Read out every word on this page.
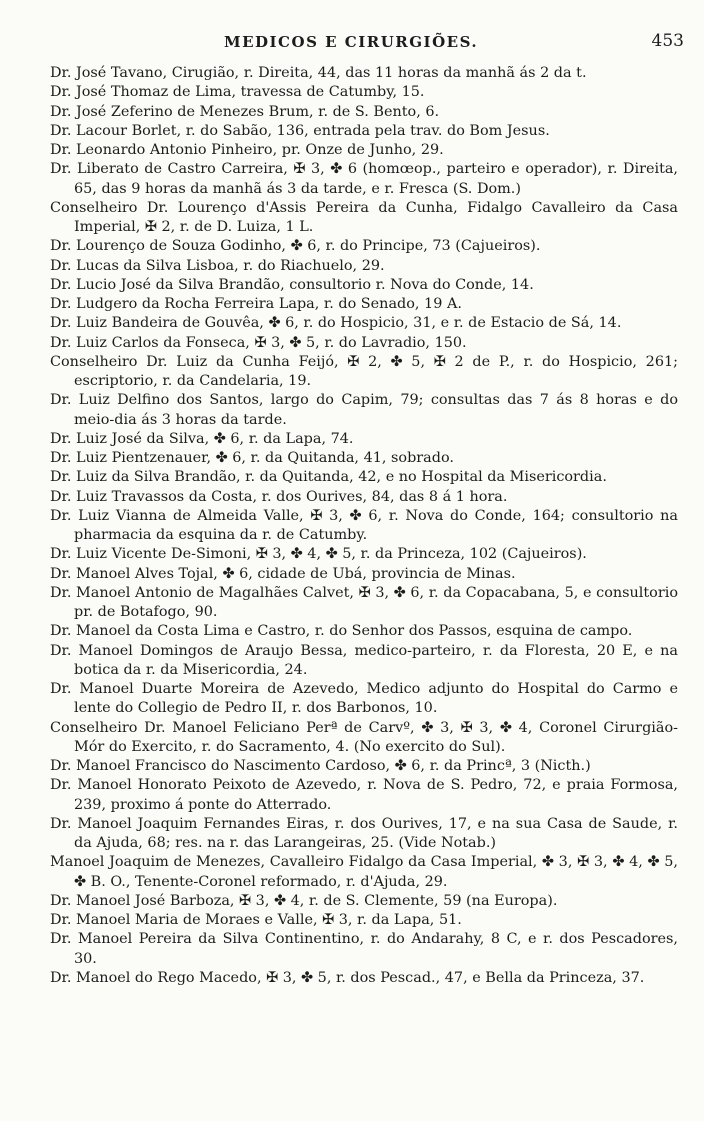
MEDICOS E CIRURGIÕES.	453

Dr. José Tavano, Cirugião, r. Direita, 44, das 11 horas da manhã ás 2 da t.

Dr. José Thomaz de Lima, travessa de Catumby, 15.

Dr. José Zeferino de Menezes Brum, r. de S. Bento, 6.

Dr. Lacour Borlet, r. do Sabão, 136, entrada pela trav. do Bom Jesus.

Dr. Leonardo Antonio Pinheiro, pr. Onze de Junho, 29.

Dr. Liberato de Castro Carreira, ✠ 3, ✤ 6 (homœop., parteiro e operador), r. Direita, 65, das 9 horas da manhã ás 3 da tarde, e r. Fresca (S. Dom.)

Conselheiro Dr. Lourenço d'Assis Pereira da Cunha, Fidalgo Cavalleiro da Casa Imperial, ✠ 2, r. de D. Luiza, 1 L.

Dr. Lourenço de Souza Godinho, ✤ 6, r. do Principe, 73 (Cajueiros).

Dr. Lucas da Silva Lisboa, r. do Riachuelo, 29.

Dr. Lucio José da Silva Brandão, consultorio r. Nova do Conde, 14.

Dr. Ludgero da Rocha Ferreira Lapa, r. do Senado, 19 A.

Dr. Luiz Bandeira de Gouvêa, ✤ 6, r. do Hospicio, 31, e r. de Estacio de Sá, 14.

Dr. Luiz Carlos da Fonseca, ✠ 3, ✤ 5, r. do Lavradio, 150.

Conselheiro Dr. Luiz da Cunha Feijó, ✠ 2, ✤ 5, ✠ 2 de P., r. do Hospicio, 261; escriptorio, r. da Candelaria, 19.

Dr. Luiz Delfino dos Santos, largo do Capim, 79; consultas das 7 ás 8 horas e do meio-dia ás 3 horas da tarde.

Dr. Luiz José da Silva, ✤ 6, r. da Lapa, 74.

Dr. Luiz Pientzenauer, ✤ 6, r. da Quitanda, 41, sobrado.

Dr. Luiz da Silva Brandão, r. da Quitanda, 42, e no Hospital da Misericordia.

Dr. Luiz Travassos da Costa, r. dos Ourives, 84, das 8 á 1 hora.

Dr. Luiz Vianna de Almeida Valle, ✠ 3, ✤ 6, r. Nova do Conde, 164; consultorio na pharmacia da esquina da r. de Catumby.

Dr. Luiz Vicente De-Simoni, ✠ 3, ✤ 4, ✤ 5, r. da Princeza, 102 (Cajueiros).

Dr. Manoel Alves Tojal, ✤ 6, cidade de Ubá, provincia de Minas.

Dr. Manoel Antonio de Magalhães Calvet, ✠ 3, ✤ 6, r. da Copacabana, 5, e consultorio pr. de Botafogo, 90.

Dr. Manoel da Costa Lima e Castro, r. do Senhor dos Passos, esquina de campo.

Dr. Manoel Domingos de Araujo Bessa, medico-parteiro, r. da Floresta, 20 E, e na botica da r. da Misericordia, 24.

Dr. Manoel Duarte Moreira de Azevedo, Medico adjunto do Hospital do Carmo e lente do Collegio de Pedro II, r. dos Barbonos, 10.

Conselheiro Dr. Manoel Feliciano Perª de Carvº, ✤ 3, ✠ 3, ✤ 4, Coronel Cirurgião-Mór do Exercito, r. do Sacramento, 4. (No exercito do Sul).

Dr. Manoel Francisco do Nascimento Cardoso, ✤ 6, r. da Princª, 3 (Nicth.)

Dr. Manoel Honorato Peixoto de Azevedo, r. Nova de S. Pedro, 72, e praia Formosa, 239, proximo á ponte do Atterrado.

Dr. Manoel Joaquim Fernandes Eiras, r. dos Ourives, 17, e na sua Casa de Saude, r. da Ajuda, 68; res. na r. das Larangeiras, 25. (Vide Notab.)

Manoel Joaquim de Menezes, Cavalleiro Fidalgo da Casa Imperial, ✤ 3, ✠ 3, ✤ 4, ✤ 5, ✤ B. O., Tenente-Coronel reformado, r. d'Ajuda, 29.

Dr. Manoel José Barboza, ✠ 3, ✤ 4, r. de S. Clemente, 59 (na Europa).

Dr. Manoel Maria de Moraes e Valle, ✠ 3, r. da Lapa, 51.

Dr. Manoel Pereira da Silva Continentino, r. do Andarahy, 8 C, e r. dos Pescadores, 30.

Dr. Manoel do Rego Macedo, ✠ 3, ✤ 5, r. dos Pescad., 47, e Bella da Princeza, 37.
